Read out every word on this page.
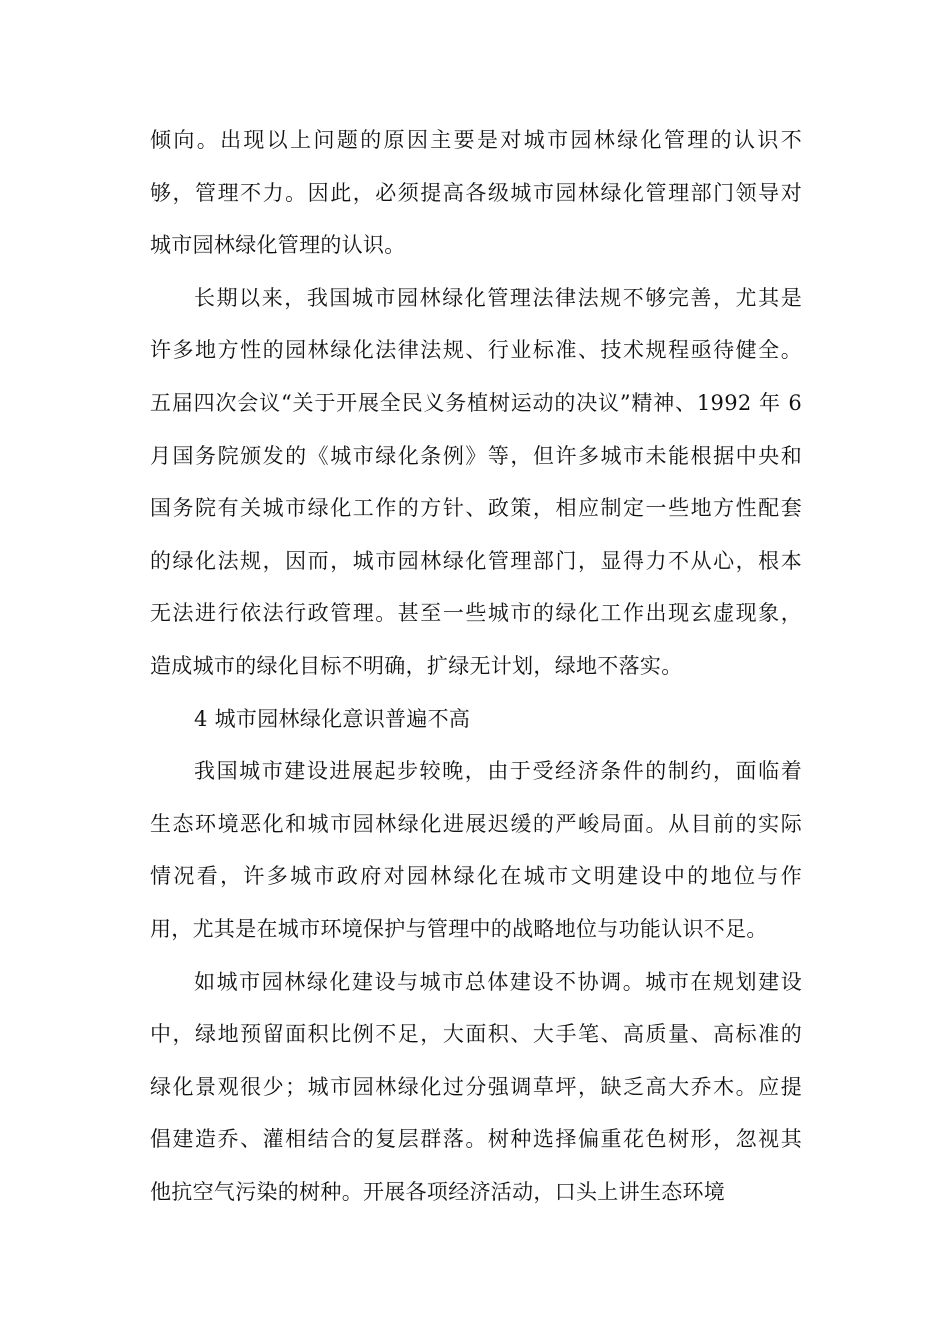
倾向。出现以上问题的原因主要是对城市园林绿化管理的认识不
够，管理不力。因此，必须提高各级城市园林绿化管理部门领导对
城市园林绿化管理的认识。
长期以来，我国城市园林绿化管理法律法规不够完善，尤其是
许多地方性的园林绿化法律法规、行业标准、技术规程亟待健全。
五届四次会议“关于开展全民义务植树运动的决议”精神、1992 年 6
月国务院颁发的《城市绿化条例》等，但许多城市未能根据中央和
国务院有关城市绿化工作的方针、政策，相应制定一些地方性配套
的绿化法规，因而，城市园林绿化管理部门，显得力不从心，根本
无法进行依法行政管理。甚至一些城市的绿化工作出现玄虚现象，
造成城市的绿化目标不明确，扩绿无计划，绿地不落实。
4 城市园林绿化意识普遍不高
我国城市建设进展起步较晚，由于受经济条件的制约，面临着
生态环境恶化和城市园林绿化进展迟缓的严峻局面。从目前的实际
情况看，许多城市政府对园林绿化在城市文明建设中的地位与作
用，尤其是在城市环境保护与管理中的战略地位与功能认识不足。
如城市园林绿化建设与城市总体建设不协调。城市在规划建设
中，绿地预留面积比例不足，大面积、大手笔、高质量、高标准的
绿化景观很少；城市园林绿化过分强调草坪，缺乏高大乔木。应提
倡建造乔、灌相结合的复层群落。树种选择偏重花色树形，忽视其
他抗空气污染的树种。开展各项经济活动，口头上讲生态环境
